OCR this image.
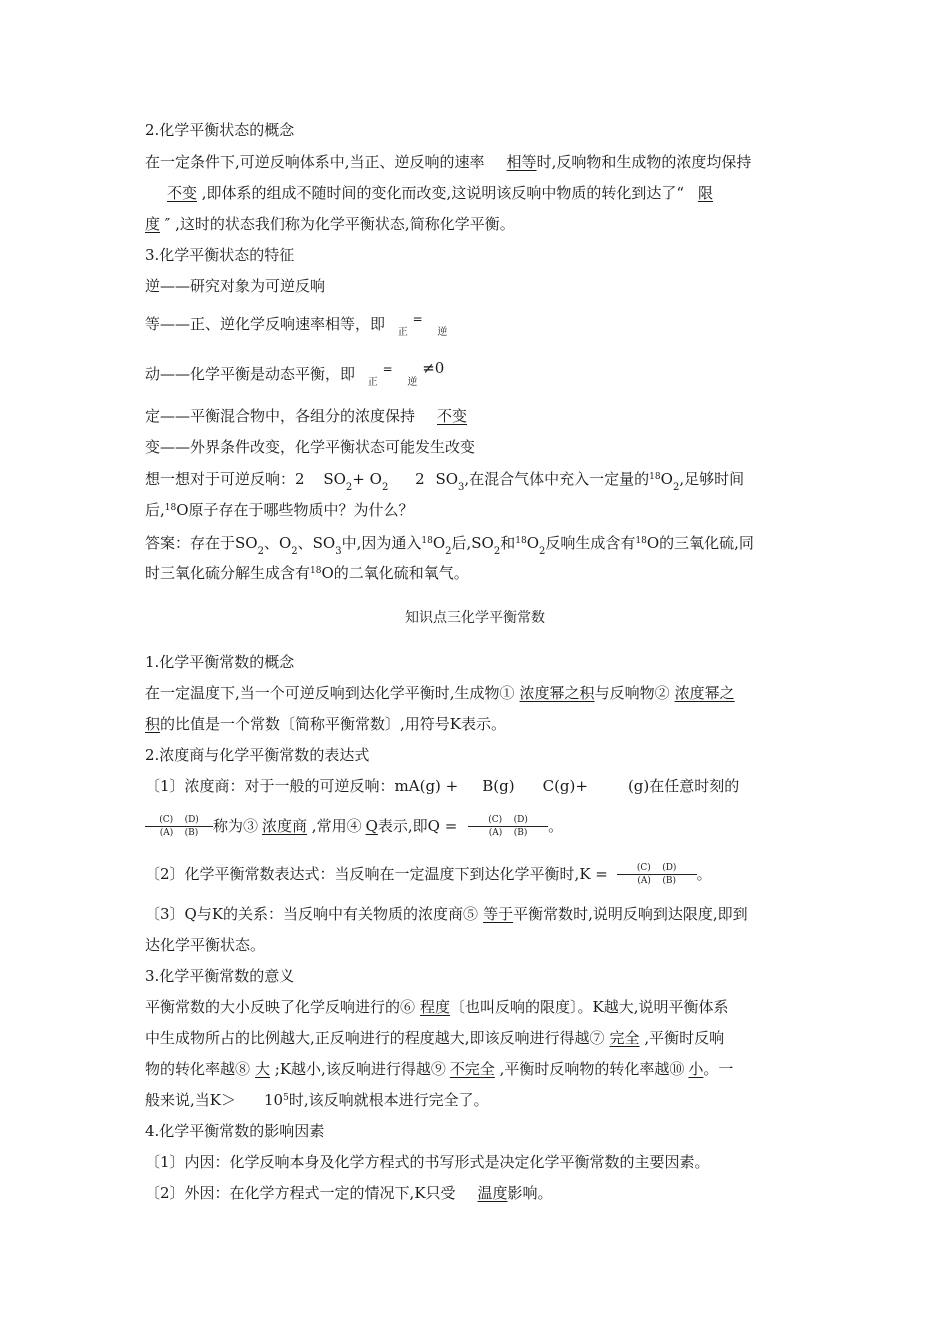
2.化学平衡状态的概念
在一定条件下,可逆反响体系中,当正、逆反响的速率 相等时,反响物和生成物的浓度均保持
不变 ,即体系的组成不随时间的变化而改变,这说明该反响中物质的转化到达了“ 限
度 ″ ,这时的状态我们称为化学平衡状态,简称化学平衡。
3.化学平衡状态的特征
逆——研究对象为可逆反响
等——正、逆化学反响速率相等，即 $_正$ = $_逆$
动——化学平衡是动态平衡，即 $_正$ = $_逆$ ≠0
定——平衡混合物中，各组分的浓度保持 不变
变——外界条件改变，化学平衡状态可能发生改变
想一想对于可逆反响：2 $SO_2+ O_2$ 2 $SO_3$,在混合气体中充入一定量的$^{18}O_2$,足够时间
后,$^{18}$O原子存在于哪些物质中？为什么？
答案：存在于$SO_2$、$O_2$、$SO_3$中,因为通入$^{18}O_2$后$,SO_2$和$^{18}O_2$反响生成含有$^{18}$O的三氧化硫,同
时三氧化硫分解生成含有$^{18}$O的二氧化硫和氧气。
知识点三化学平衡常数
1.化学平衡常数的概念
在一定温度下,当一个可逆反响到达化学平衡时,生成物① 浓度幂之积与反响物② 浓度幂之
积的比值是一个常数〔简称平衡常数〕,用符号K表示。
2.浓度商与化学平衡常数的表达式
〔1〕浓度商：对于一般的可逆反响：mA(g) + B(g) C(g)+	(g)在任意时刻的
$\frac{(C) (D)}{(A) (B)}$ 称为③ 浓度商 ,常用④ Q表示,即$Q = \frac{(C) (D)}{(A) (B)}$ 。
〔2〕化学平衡常数表达式：当反响在一定温度下到达化学平衡时$,K = \frac{(C) (D)}{(A) (B)}$ 。
〔3〕Q与K的关系：当反响中有关物质的浓度商⑤ 等于平衡常数时,说明反响到达限度,即到
达化学平衡状态。
3.化学平衡常数的意义
平衡常数的大小反映了化学反响进行的⑥ 程度〔也叫反响的限度〕。K越大,说明平衡体系
中生成物所占的比例越大,正反响进行的程度越大,即该反响进行得越⑦ 完全 ,平衡时反响
物的转化率越⑧ 大 ;K越小,该反响进行得越⑨ 不完全 ,平衡时反响物的转化率越⑩ 小。一
般来说,当$K> 10^5$时,该反响就根本进行完全了。
4.化学平衡常数的影响因素
〔1〕内因：化学反响本身及化学方程式的书写形式是决定化学平衡常数的主要因素。
〔2〕外因：在化学方程式一定的情况下,K只受 温度影响。
